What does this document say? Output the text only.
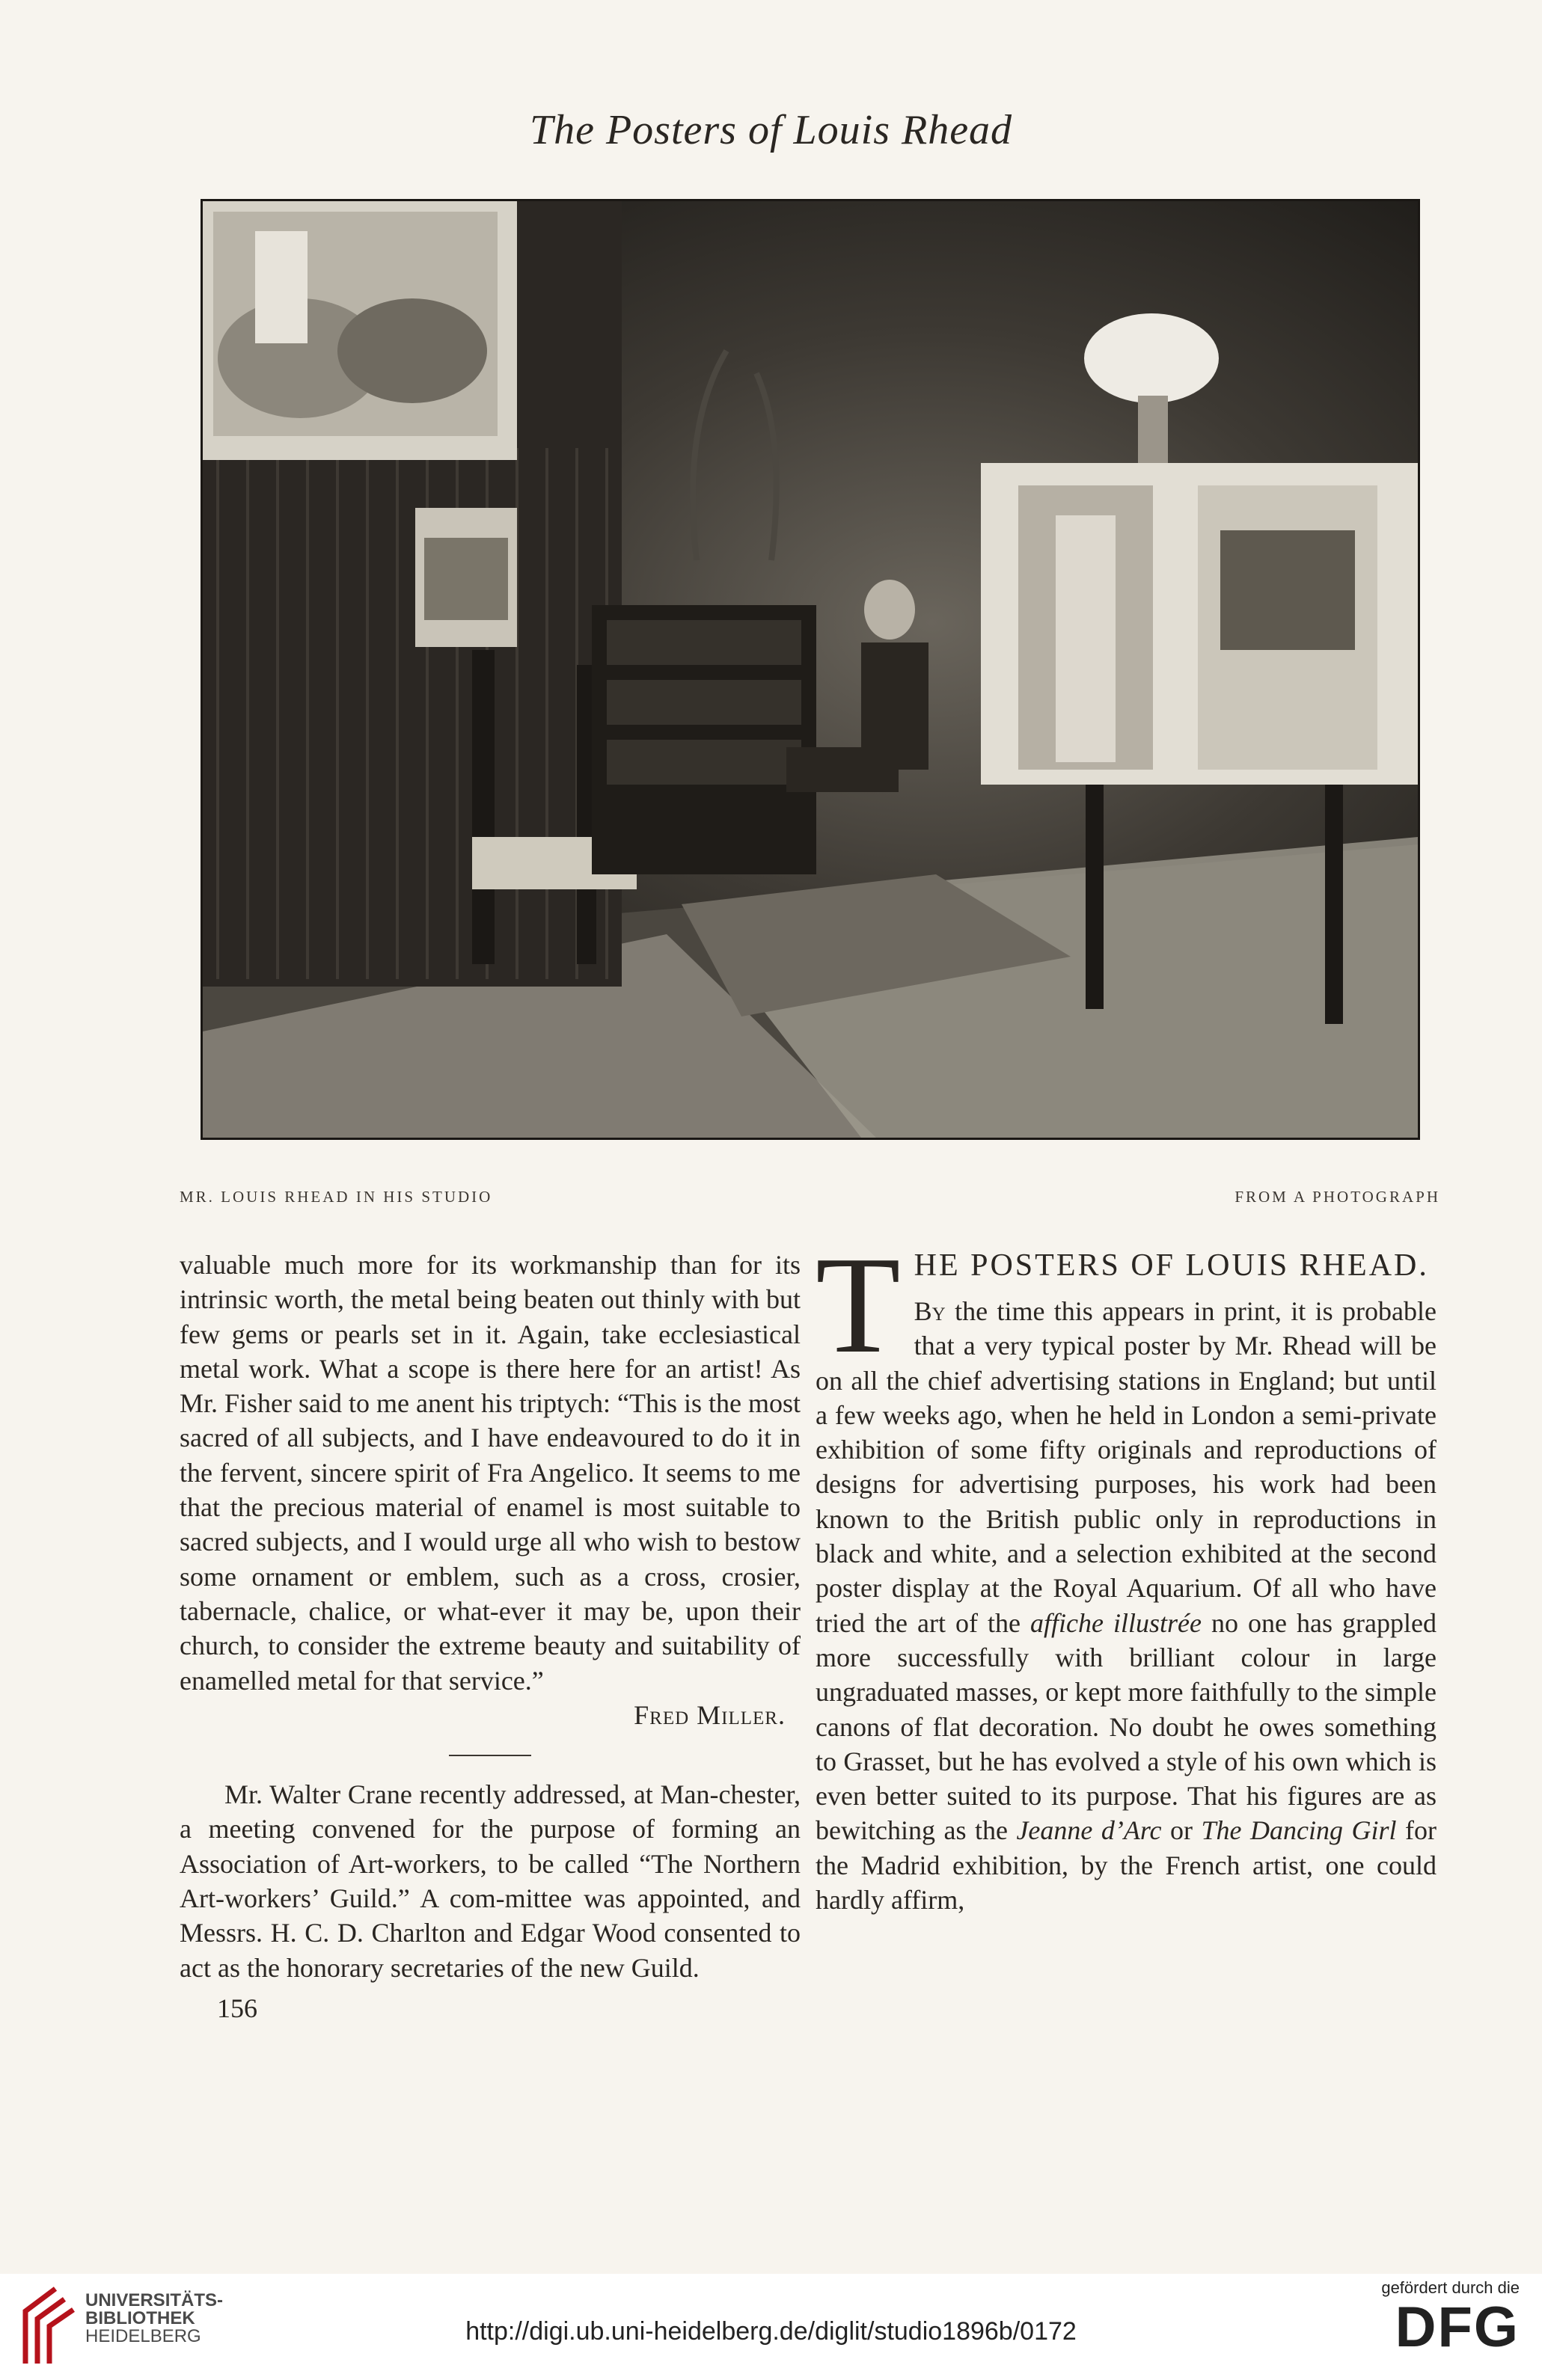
The Posters of Louis Rhead
MR. LOUIS RHEAD IN HIS STUDIO	FROM A PHOTOGRAPH

valuable much more for its workmanship than for its intrinsic worth, the metal being beaten out thinly with but few gems or pearls set in it. Again, take ecclesiastical metal work. What a scope is there here for an artist! As Mr. Fisher said to me anent his triptych: “This is the most sacred of all subjects, and I have endeavoured to do it in the fervent, sincere spirit of Fra Angelico. It seems to me that the precious material of enamel is most suitable to sacred subjects, and I would urge all who wish to bestow some ornament or emblem, such as a cross, crosier, tabernacle, chalice, or what-ever it may be, upon their church, to consider the extreme beauty and suitability of enamelled metal for that service.”

Fred Miller.

Mr. Walter Crane recently addressed, at Man-chester, a meeting convened for the purpose of forming an Association of Art-workers, to be called “The Northern Art-workers’ Guild.” A com-mittee was appointed, and Messrs. H. C. D. Charlton and Edgar Wood consented to act as the honorary secretaries of the new Guild.

156
T HE POSTERS OF LOUIS RHEAD.

By the time this appears in print, it is probable that a very typical poster by Mr. Rhead will be on all the chief advertising stations in England; but until a few weeks ago, when he held in London a semi-private exhibition of some fifty originals and reproductions of designs for advertising purposes, his work had been known to the British public only in reproductions in black and white, and a selection exhibited at the second poster display at the Royal Aquarium. Of all who have tried the art of the affiche illustrée no one has grappled more successfully with brilliant colour in large ungraduated masses, or kept more faithfully to the simple canons of flat decoration. No doubt he owes something to Grasset, but he has evolved a style of his own which is even better suited to its purpose. That his figures are as bewitching as the Jeanne d’Arc or The Dancing Girl for the Madrid exhibition, by the French artist, one could hardly affirm,

UNIVERSITÄTS-
BIBLIOTHEK
HEIDELBERG	http://digi.ub.uni-heidelberg.de/diglit/studio1896b/0172
gefördert durch die
DFG
